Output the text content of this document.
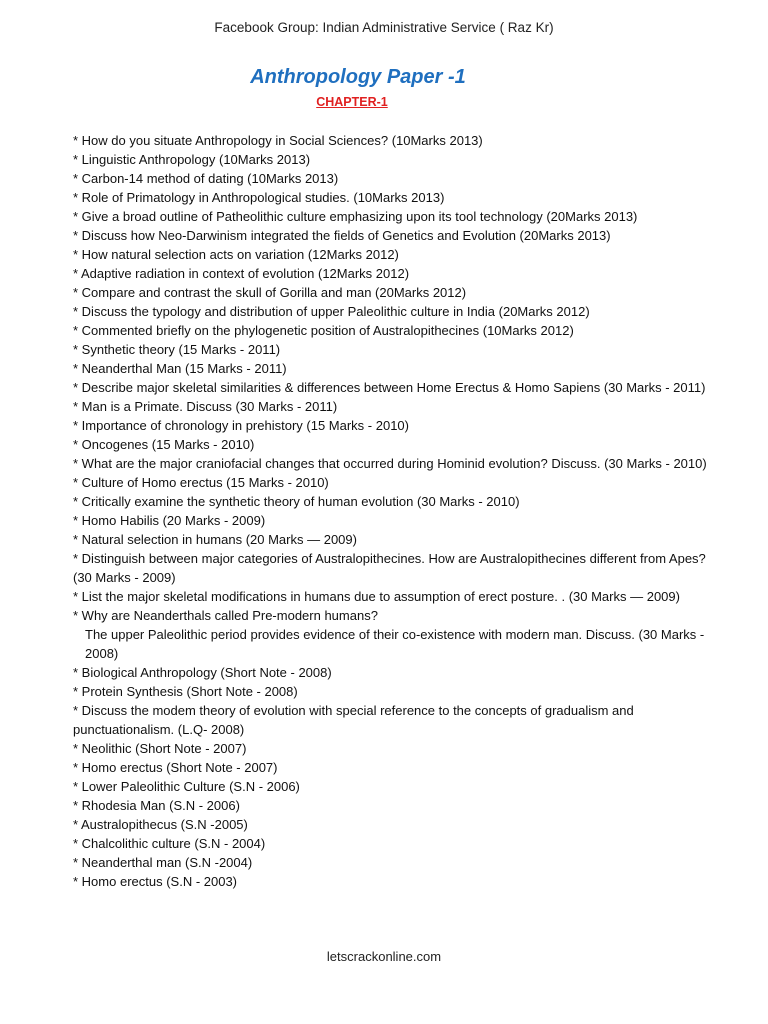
Facebook Group: Indian Administrative Service ( Raz Kr)
Anthropology Paper -1
CHAPTER-1
* How do you situate Anthropology in Social Sciences? (10Marks 2013)
* Linguistic Anthropology (10Marks 2013)
* Carbon-14 method of dating (10Marks 2013)
* Role of Primatology in Anthropological studies. (10Marks 2013)
* Give a broad outline of Patheolithic culture emphasizing upon its tool technology (20Marks 2013)
* Discuss how Neo-Darwinism integrated the fields of Genetics and Evolution (20Marks 2013)
* How natural selection acts on variation (12Marks 2012)
* Adaptive radiation in context of evolution (12Marks 2012)
* Compare and contrast the skull of Gorilla and man (20Marks 2012)
* Discuss the typology and distribution of upper Paleolithic culture in India (20Marks 2012)
* Commented briefly on the phylogenetic position of Australopithecines (10Marks 2012)
* Synthetic theory (15 Marks - 2011)
* Neanderthal Man (15 Marks - 2011)
* Describe major skeletal similarities & differences between Home Erectus & Homo Sapiens (30 Marks - 2011)
* Man is a Primate. Discuss (30 Marks - 2011)
* Importance of chronology in prehistory (15 Marks - 2010)
* Oncogenes (15 Marks - 2010)
* What are the major craniofacial changes that occurred during Hominid evolution? Discuss. (30 Marks - 2010)
* Culture of Homo erectus (15 Marks - 2010)
* Critically examine the synthetic theory of human evolution (30 Marks - 2010)
* Homo Habilis (20 Marks - 2009)
* Natural selection in humans (20 Marks — 2009)
* Distinguish between major categories of Australopithecines. How are Australopithecines different from Apes? (30 Marks - 2009)
* List the major skeletal modifications in humans due to assumption of erect posture. . (30 Marks — 2009)
* Why are Neanderthals called Pre-modern humans?
The upper Paleolithic period provides evidence of their co-existence with modern man. Discuss. (30 Marks - 2008)
* Biological Anthropology (Short Note - 2008)
* Protein Synthesis (Short Note - 2008)
* Discuss the modem theory of evolution with special reference to the concepts of gradualism and punctuationalism. (L.Q- 2008)
* Neolithic (Short Note - 2007)
* Homo erectus (Short Note - 2007)
* Lower Paleolithic Culture (S.N - 2006)
* Rhodesia Man (S.N - 2006)
* Australopithecus (S.N -2005)
* Chalcolithic culture (S.N - 2004)
* Neanderthal man (S.N -2004)
* Homo erectus (S.N - 2003)
letscrackonline.com
